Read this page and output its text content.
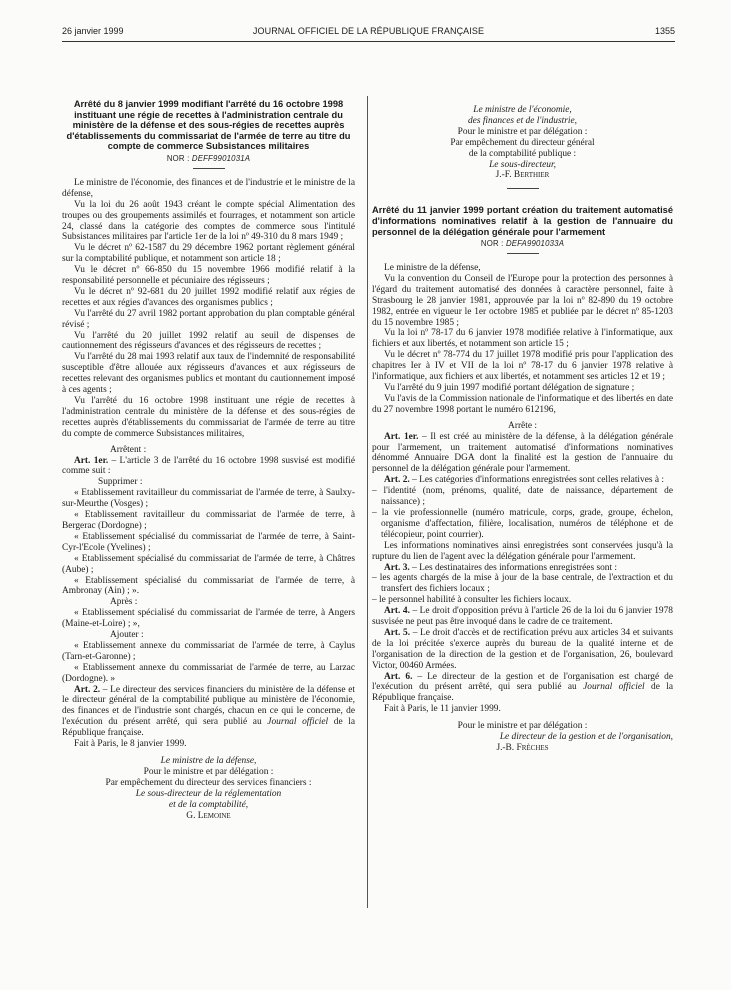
26 janvier 1999	JOURNAL OFFICIEL DE LA RÉPUBLIQUE FRANÇAISE	1355
Arrêté du 8 janvier 1999 modifiant l'arrêté du 16 octobre 1998 instituant une régie de recettes à l'administration centrale du ministère de la défense et des sous-régies de recettes auprès d'établissements du commissariat de l'armée de terre au titre du compte de commerce Subsistances militaires
NOR : DEFF9901031A

Le ministre de l'économie, des finances et de l'industrie et le ministre de la défense,

Vu la loi du 26 août 1943 créant le compte spécial Alimentation des troupes ou des groupements assimilés et fourrages, et notamment son article 24, classé dans la catégorie des comptes de commerce sous l'intitulé Subsistances militaires par l'article 1er de la loi nº 49-310 du 8 mars 1949 ;

Vu le décret nº 62-1587 du 29 décembre 1962 portant règlement général sur la comptabilité publique, et notamment son article 18 ;

Vu le décret nº 66-850 du 15 novembre 1966 modifié relatif à la responsabilité personnelle et pécuniaire des régisseurs ;

Vu le décret nº 92-681 du 20 juillet 1992 modifié relatif aux régies de recettes et aux régies d'avances des organismes publics ;

Vu l'arrêté du 27 avril 1982 portant approbation du plan comptable général révisé ;

Vu l'arrêté du 20 juillet 1992 relatif au seuil de dispenses de cautionnement des régisseurs d'avances et des régisseurs de recettes ;

Vu l'arrêté du 28 mai 1993 relatif aux taux de l'indemnité de responsabilité susceptible d'être allouée aux régisseurs d'avances et aux régisseurs de recettes relevant des organismes publics et montant du cautionnement imposé à ces agents ;

Vu l'arrêté du 16 octobre 1998 instituant une régie de recettes à l'administration centrale du ministère de la défense et des sous-régies de recettes auprès d'établissements du commissariat de l'armée de terre au titre du compte de commerce Subsistances militaires,

Arrêtent :

Art. 1er. – L'article 3 de l'arrêté du 16 octobre 1998 susvisé est modifié comme suit :

Supprimer :

« Etablissement ravitailleur du commissariat de l'armée de terre, à Saulxy-sur-Meurthe (Vosges) ;

« Etablissement ravitailleur du commissariat de l'armée de terre, à Bergerac (Dordogne) ;

« Etablissement spécialisé du commissariat de l'armée de terre, à Saint-Cyr-l'Ecole (Yvelines) ;

« Etablissement spécialisé du commissariat de l'armée de terre, à Châtres (Aube) ;

« Etablissement spécialisé du commissariat de l'armée de terre, à Ambronay (Ain) ; ».

Après :

« Etablissement spécialisé du commissariat de l'armée de terre, à Angers (Maine-et-Loire) ; »,

Ajouter :

« Etablissement annexe du commissariat de l'armée de terre, à Caylus (Tarn-et-Garonne) ;

« Etablissement annexe du commissariat de l'armée de terre, au Larzac (Dordogne). »

Art. 2. – Le directeur des services financiers du ministère de la défense et le directeur général de la comptabilité publique au ministère de l'économie, des finances et de l'industrie sont chargés, chacun en ce qui le concerne, de l'exécution du présent arrêté, qui sera publié au Journal officiel de la République française.

Fait à Paris, le 8 janvier 1999.

Le ministre de la défense,

Pour le ministre et par délégation :

Par empêchement du directeur des services financiers :

Le sous-directeur de la réglementation

et de la comptabilité,

G. Lemoine

Le ministre de l'économie,

des finances et de l'industrie,

Pour le ministre et par délégation :

Par empêchement du directeur général

de la comptabilité publique :

Le sous-directeur,

J.-F. Berthier

Arrêté du 11 janvier 1999 portant création du traitement automatisé d'informations nominatives relatif à la gestion de l'annuaire du personnel de la délégation générale pour l'armement
NOR : DEFA9901033A

Le ministre de la défense,

Vu la convention du Conseil de l'Europe pour la protection des personnes à l'égard du traitement automatisé des données à caractère personnel, faite à Strasbourg le 28 janvier 1981, approuvée par la loi nº 82-890 du 19 octobre 1982, entrée en vigueur le 1er octobre 1985 et publiée par le décret nº 85-1203 du 15 novembre 1985 ;

Vu la loi nº 78-17 du 6 janvier 1978 modifiée relative à l'informatique, aux fichiers et aux libertés, et notamment son article 15 ;

Vu le décret nº 78-774 du 17 juillet 1978 modifié pris pour l'application des chapitres Ier à IV et VII de la loi nº 78-17 du 6 janvier 1978 relative à l'informatique, aux fichiers et aux libertés, et notamment ses articles 12 et 19 ;

Vu l'arrêté du 9 juin 1997 modifié portant délégation de signature ;

Vu l'avis de la Commission nationale de l'informatique et des libertés en date du 27 novembre 1998 portant le numéro 612196,

Arrête :

Art. 1er. – Il est créé au ministère de la défense, à la délégation générale pour l'armement, un traitement automatisé d'informations nominatives dénommé Annuaire DGA dont la finalité est la gestion de l'annuaire du personnel de la délégation générale pour l'armement.

Art. 2. – Les catégories d'informations enregistrées sont celles relatives à :

– l'identité (nom, prénoms, qualité, date de naissance, département de naissance) ;

– la vie professionnelle (numéro matricule, corps, grade, groupe, échelon, organisme d'affectation, filière, localisation, numéros de téléphone et de télécopieur, point courrier).

Les informations nominatives ainsi enregistrées sont conservées jusqu'à la rupture du lien de l'agent avec la délégation générale pour l'armement.

Art. 3. – Les destinataires des informations enregistrées sont :

– les agents chargés de la mise à jour de la base centrale, de l'extraction et du transfert des fichiers locaux ;

– le personnel habilité à consulter les fichiers locaux.

Art. 4. – Le droit d'opposition prévu à l'article 26 de la loi du 6 janvier 1978 susvisée ne peut pas être invoqué dans le cadre de ce traitement.

Art. 5. – Le droit d'accès et de rectification prévu aux articles 34 et suivants de la loi précitée s'exerce auprès du bureau de la qualité interne et de l'organisation de la direction de la gestion et de l'organisation, 26, boulevard Victor, 00460 Armées.

Art. 6. – Le directeur de la gestion et de l'organisation est chargé de l'exécution du présent arrêté, qui sera publié au Journal officiel de la République française.

Fait à Paris, le 11 janvier 1999.

Pour le ministre et par délégation :

Le directeur de la gestion et de l'organisation,

J.-B. Frèches
